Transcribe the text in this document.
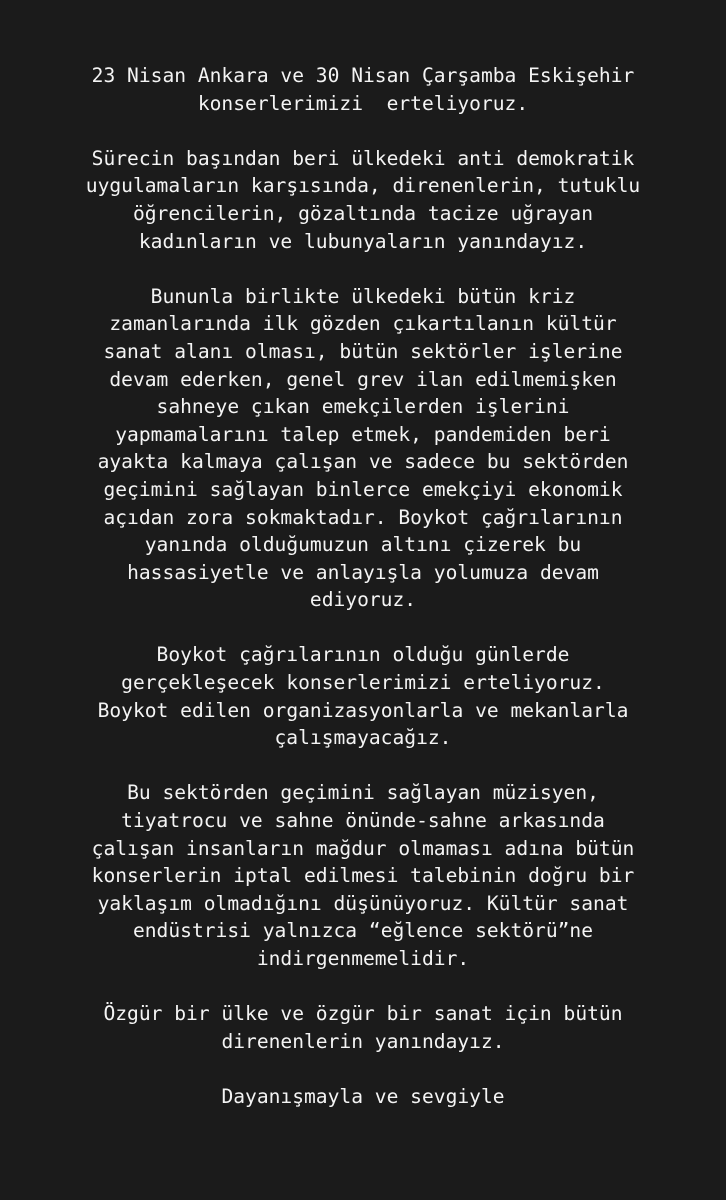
23 Nisan Ankara ve 30 Nisan Çarşamba Eskişehir
konserlerimizi  erteliyoruz.

Sürecin başından beri ülkedeki anti demokratik
uygulamaların karşısında, direnenlerin, tutuklu
öğrencilerin, gözaltında tacize uğrayan
kadınların ve lubunyaların yanındayız.

Bununla birlikte ülkedeki bütün kriz
zamanlarında ilk gözden çıkartılanın kültür
sanat alanı olması, bütün sektörler işlerine
devam ederken, genel grev ilan edilmemişken
sahneye çıkan emekçilerden işlerini
yapmamalarını talep etmek, pandemiden beri
ayakta kalmaya çalışan ve sadece bu sektörden
geçimini sağlayan binlerce emekçiyi ekonomik
açıdan zora sokmaktadır. Boykot çağrılarının
yanında olduğumuzun altını çizerek bu
hassasiyetle ve anlayışla yolumuza devam
ediyoruz.

Boykot çağrılarının olduğu günlerde
gerçekleşecek konserlerimizi erteliyoruz.
Boykot edilen organizasyonlarla ve mekanlarla
çalışmayacağız.

Bu sektörden geçimini sağlayan müzisyen,
tiyatrocu ve sahne önünde-sahne arkasında
çalışan insanların mağdur olmaması adına bütün
konserlerin iptal edilmesi talebinin doğru bir
yaklaşım olmadığını düşünüyoruz. Kültür sanat
endüstrisi yalnızca “eğlence sektörü”ne
indirgenmemelidir.

Özgür bir ülke ve özgür bir sanat için bütün
direnenlerin yanındayız.

Dayanışmayla ve sevgiyle
